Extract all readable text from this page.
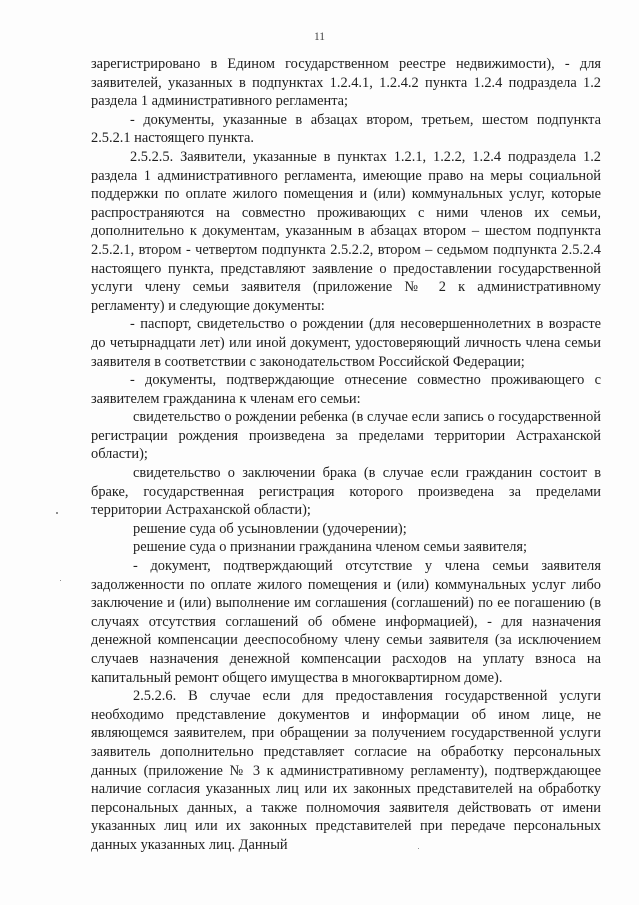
11

зарегистрировано в Едином государственном реестре недвижимости), - для заявителей, указанных в подпунктах 1.2.4.1, 1.2.4.2 пункта 1.2.4 подраздела 1.2 раздела 1 административного регламента;

- документы, указанные в абзацах втором, третьем, шестом подпункта 2.5.2.1 настоящего пункта.

2.5.2.5. Заявители, указанные в пунктах 1.2.1, 1.2.2, 1.2.4 подраздела 1.2 раздела 1 административного регламента, имеющие право на меры социальной поддержки по оплате жилого помещения и (или) коммунальных услуг, которые распространяются на совместно проживающих с ними членов их семьи, дополнительно к документам, указанным в абзацах втором – шестом подпункта 2.5.2.1, втором - четвертом подпункта 2.5.2.2, втором – седьмом подпункта 2.5.2.4 настоящего пункта, представляют заявление о предоставлении государственной услуги члену семьи заявителя (приложение № 2 к административному регламенту) и следующие документы:

- паспорт, свидетельство о рождении (для несовершеннолетних в возрасте до четырнадцати лет) или иной документ, удостоверяющий личность члена семьи заявителя в соответствии с законодательством Российской Федерации;

- документы, подтверждающие отнесение совместно проживающего с заявителем гражданина к членам его семьи:

свидетельство о рождении ребенка (в случае если запись о государственной регистрации рождения произведена за пределами территории Астраханской области);

свидетельство о заключении брака (в случае если гражданин состоит в браке, государственная регистрация которого произведена за пределами территории Астраханской области);

решение суда об усыновлении (удочерении);

решение суда о признании гражданина членом семьи заявителя;

- документ, подтверждающий отсутствие у члена семьи заявителя задолженности по оплате жилого помещения и (или) коммунальных услуг либо заключение и (или) выполнение им соглашения (соглашений) по ее погашению (в случаях отсутствия соглашений об обмене информацией), - для назначения денежной компенсации дееспособному члену семьи заявителя (за исключением случаев назначения денежной компенсации расходов на уплату взноса на капитальный ремонт общего имущества в многоквартирном доме).

2.5.2.6. В случае если для предоставления государственной услуги необходимо представление документов и информации об ином лице, не являющемся заявителем, при обращении за получением государственной услуги заявитель дополнительно представляет согласие на обработку персональных данных (приложение № 3 к административному регламенту), подтверждающее наличие согласия указанных лиц или их законных представителей на обработку персональных данных, а также полномочия заявителя действовать от имени указанных лиц или их законных представителей при передаче персональных данных указанных лиц. Данный
